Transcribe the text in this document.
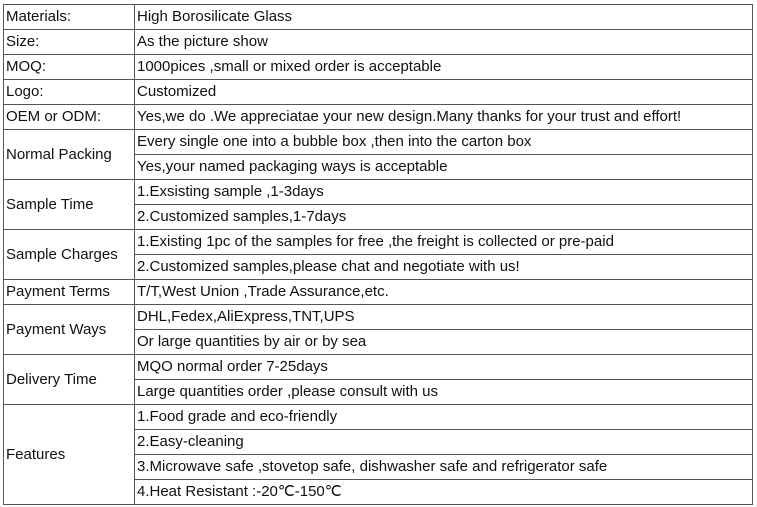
Materials:	High Borosilicate Glass
Size:	As the picture show
MOQ:	1000pices ,small or mixed order is acceptable
Logo:	Customized
OEM or ODM:	Yes,we do .We appreciatae your new design.Many thanks for your trust and effort!
Normal Packing	Every single one into a bubble box ,then into the carton box
	Yes,your named packaging ways is acceptable
Sample Time	1.Exsisting sample ,1-3days
	2.Customized samples,1-7days
Sample Charges	1.Existing 1pc of the samples for free ,the freight is collected or pre-paid
	2.Customized samples,please chat and negotiate with us!
Payment Terms	T/T,West Union ,Trade Assurance,etc.
Payment Ways	DHL,Fedex,AliExpress,TNT,UPS
	Or large quantities by air or by sea
Delivery Time	MQO normal order 7-25days
	Large quantities order ,please consult with us
Features	1.Food grade and eco-friendly
	2.Easy-cleaning
	3.Microwave safe ,stovetop safe, dishwasher safe and refrigerator safe
	4.Heat Resistant :-20℃-150℃
